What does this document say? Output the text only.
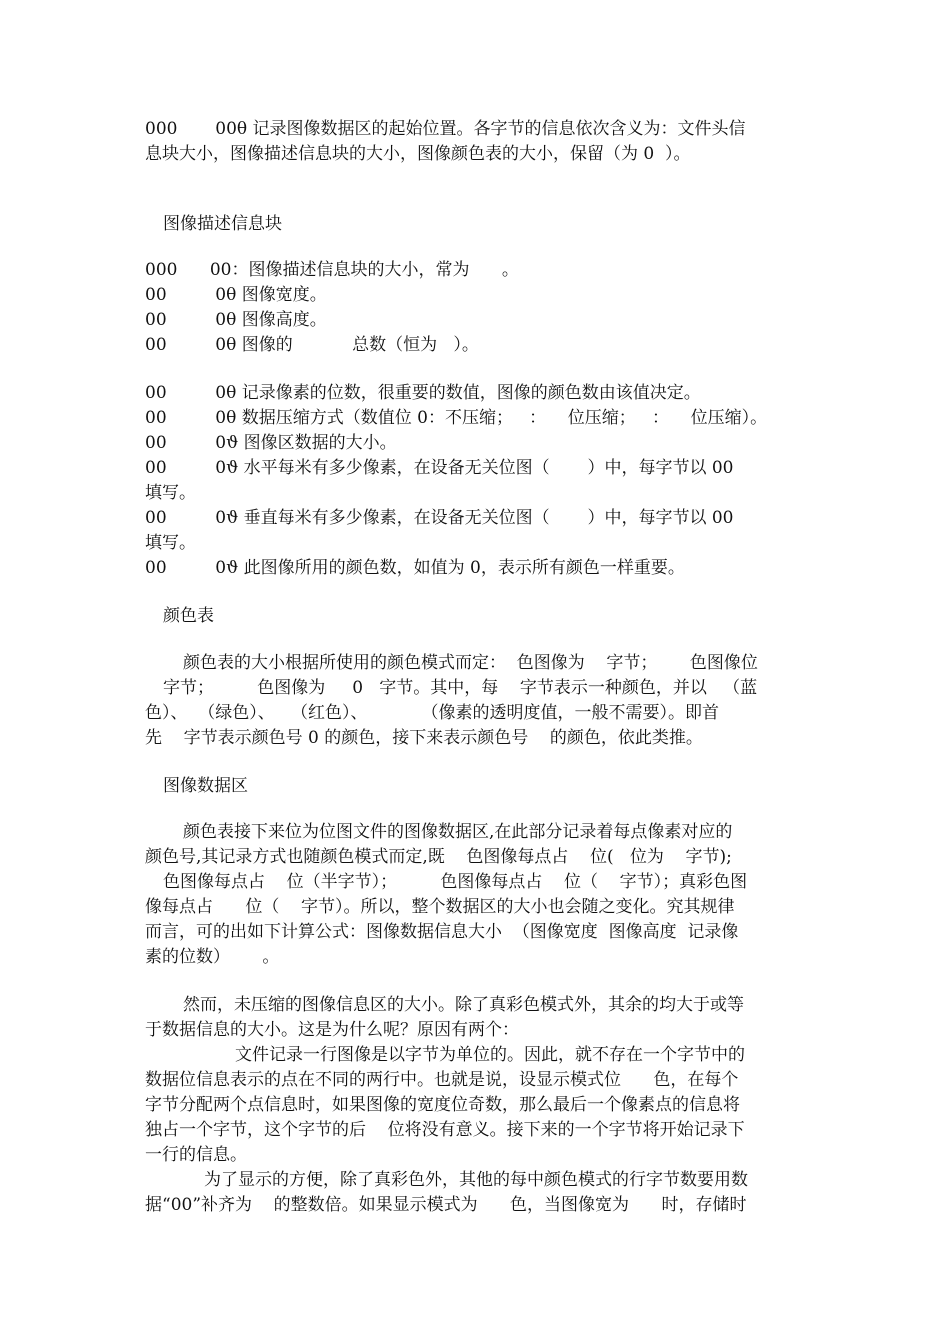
000       00θ 记录图像数据区的起始位置。各字节的信息依次含义为：文件头信
息块大小，图像描述信息块的大小，图像颜色表的大小，保留（为 0  ）。
图像描述信息块
000      00：图像描述信息块的大小，常为      。
00         0θ 图像宽度。
00         0θ 图像高度。
00         0θ 图像的           总数（恒为   ）。
00         0θ 记录像素的位数，很重要的数值，图像的颜色数由该值决定。
00         0θ 数据压缩方式（数值位 0：不压缩；   ：    位压缩；   ：    位压缩）。
00         0ϑ 图像区数据的大小。
00         0ϑ 水平每米有多少像素，在设备无关位图（       ）中，每字节以 00
填写。
00         0ϑ 垂直每米有多少像素，在设备无关位图（       ）中，每字节以 00
填写。
00         0ϑ 此图像所用的颜色数，如值为 0，表示所有颜色一样重要。
颜色表
颜色表的大小根据所使用的颜色模式而定：  色图像为    字节；      色图像位
字节；        色图像为     0   字节。其中，每    字节表示一种颜色，并以   （蓝
色）、  （绿色）、   （红色）、          （像素的透明度值，一般不需要）。即首
先    字节表示颜色号 0 的颜色，接下来表示颜色号    的颜色，依此类推。
图像数据区
颜色表接下来位为位图文件的图像数据区,在此部分记录着每点像素对应的
颜色号,其记录方式也随颜色模式而定,既    色图像每点占    位(   位为    字节);
色图像每点占    位（半字节）；        色图像每点占    位（    字节）；真彩色图
像每点占      位（    字节）。所以，整个数据区的大小也会随之变化。究其规律
而言，可的出如下计算公式：图像数据信息大小  （图像宽度  图像高度  记录像
素的位数）      。
然而，未压缩的图像信息区的大小。除了真彩色模式外，其余的均大于或等
于数据信息的大小。这是为什么呢？原因有两个：
文件记录一行图像是以字节为单位的。因此，就不存在一个字节中的
数据位信息表示的点在不同的两行中。也就是说，设显示模式位      色，在每个
字节分配两个点信息时，如果图像的宽度位奇数，那么最后一个像素点的信息将
独占一个字节，这个字节的后    位将没有意义。接下来的一个字节将开始记录下
一行的信息。
为了显示的方便，除了真彩色外，其他的每中颜色模式的行字节数要用数
据“00”补齐为    的整数倍。如果显示模式为      色，当图像宽为      时，存储时
